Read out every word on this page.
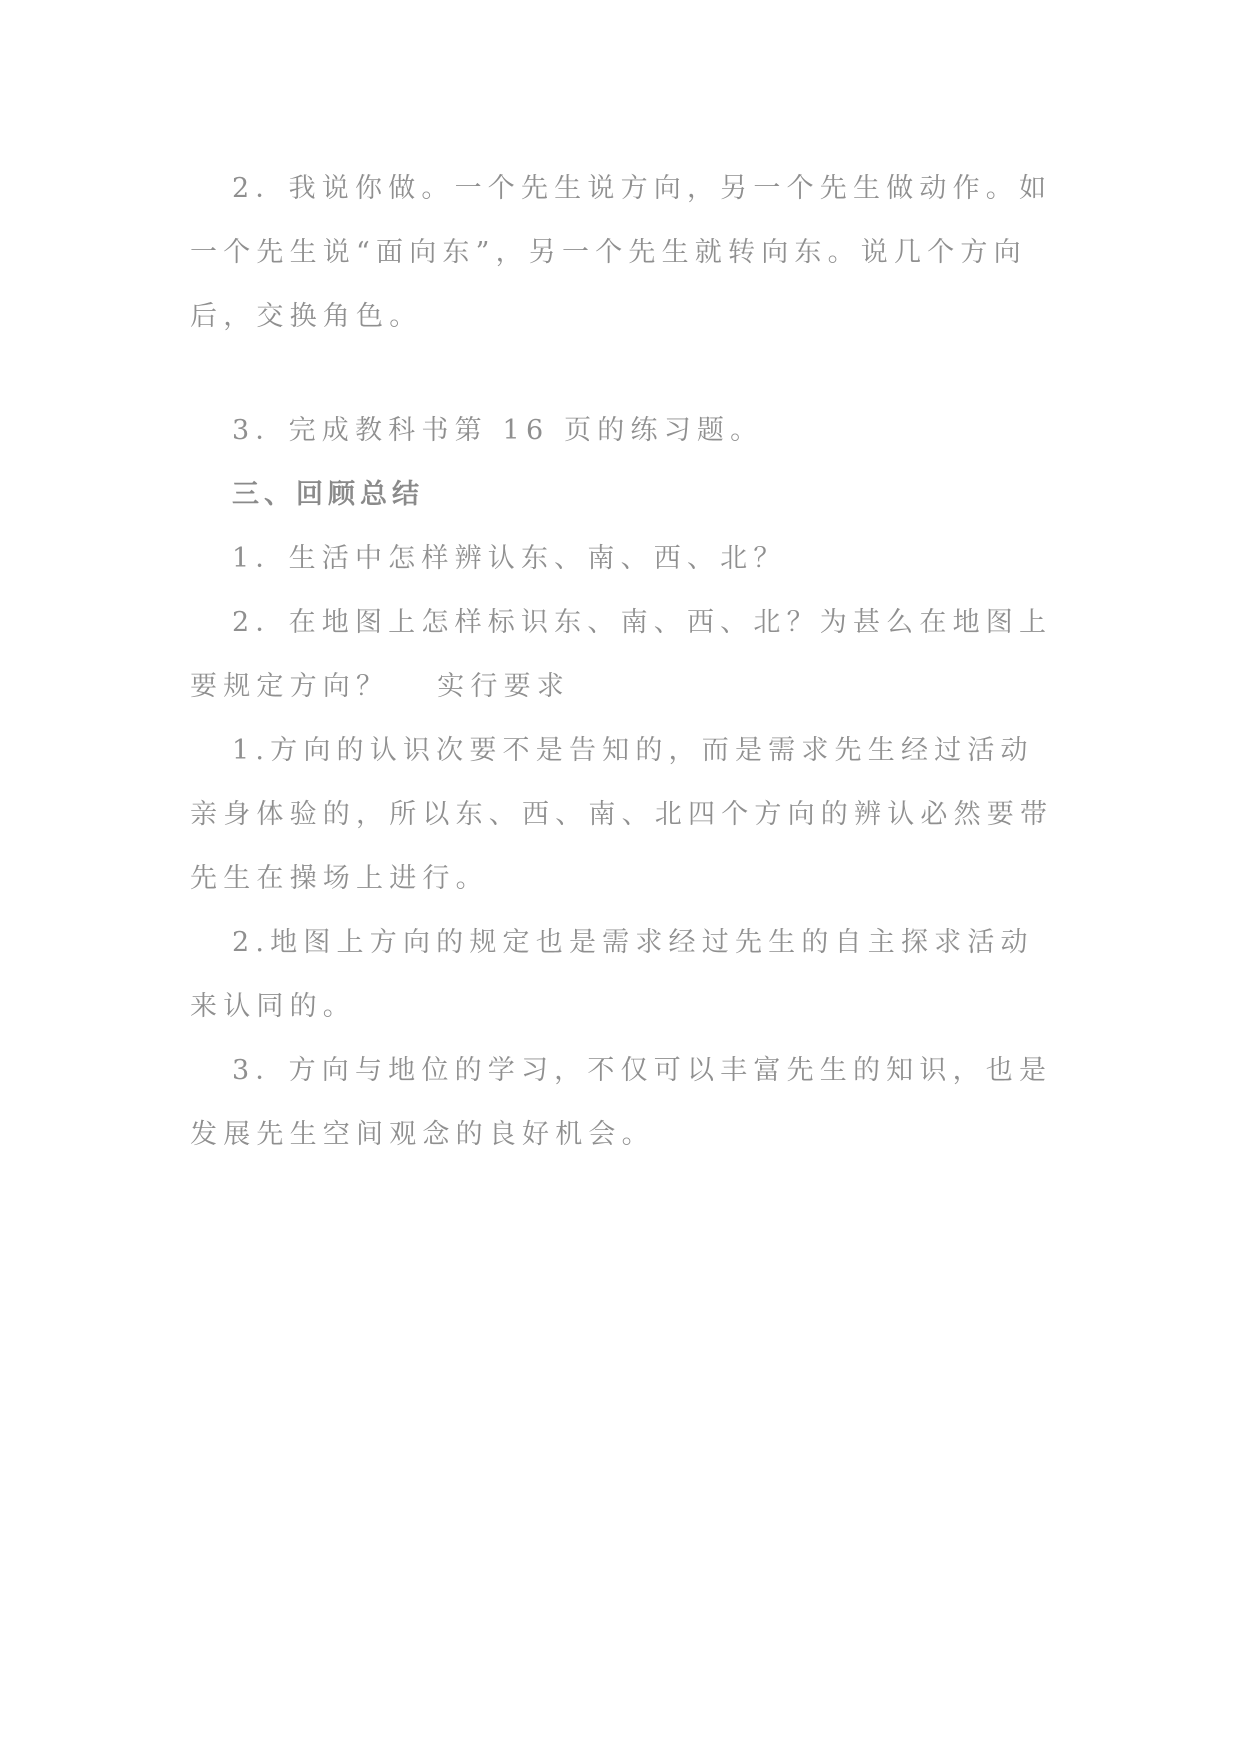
2．我说你做。一个先生说方向，另一个先生做动作。如一个先生说“面向东”，另一个先生就转向东。说几个方向后，交换角色。

3．完成教科书第 16 页的练习题。

三、回顾总结

1．生活中怎样辨认东、南、西、北？

2．在地图上怎样标识东、南、西、北？为甚么在地图上要规定方向？　 实行要求

1.方向的认识次要不是告知的，而是需求先生经过活动亲身体验的，所以东、西、南、北四个方向的辨认必然要带先生在操场上进行。

2.地图上方向的规定也是需求经过先生的自主探求活动来认同的。

3．方向与地位的学习，不仅可以丰富先生的知识，也是发展先生空间观念的良好机会。
